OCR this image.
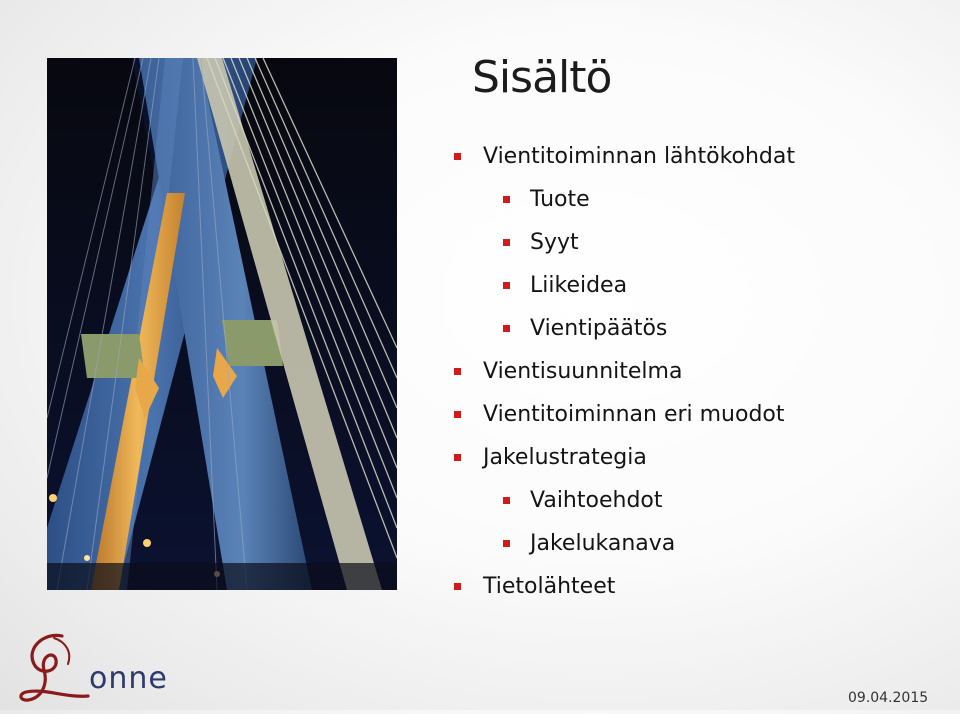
Sisältö
Vientitoiminnan lähtökohdat
Tuote
Syyt
Liikeidea
Vientipäätös
Vientisuunnitelma
Vientitoiminnan eri muodot
Jakelustrategia
Vaihtoehdot
Jakelukanava
Tietolähteet
onne
09.04.2015
